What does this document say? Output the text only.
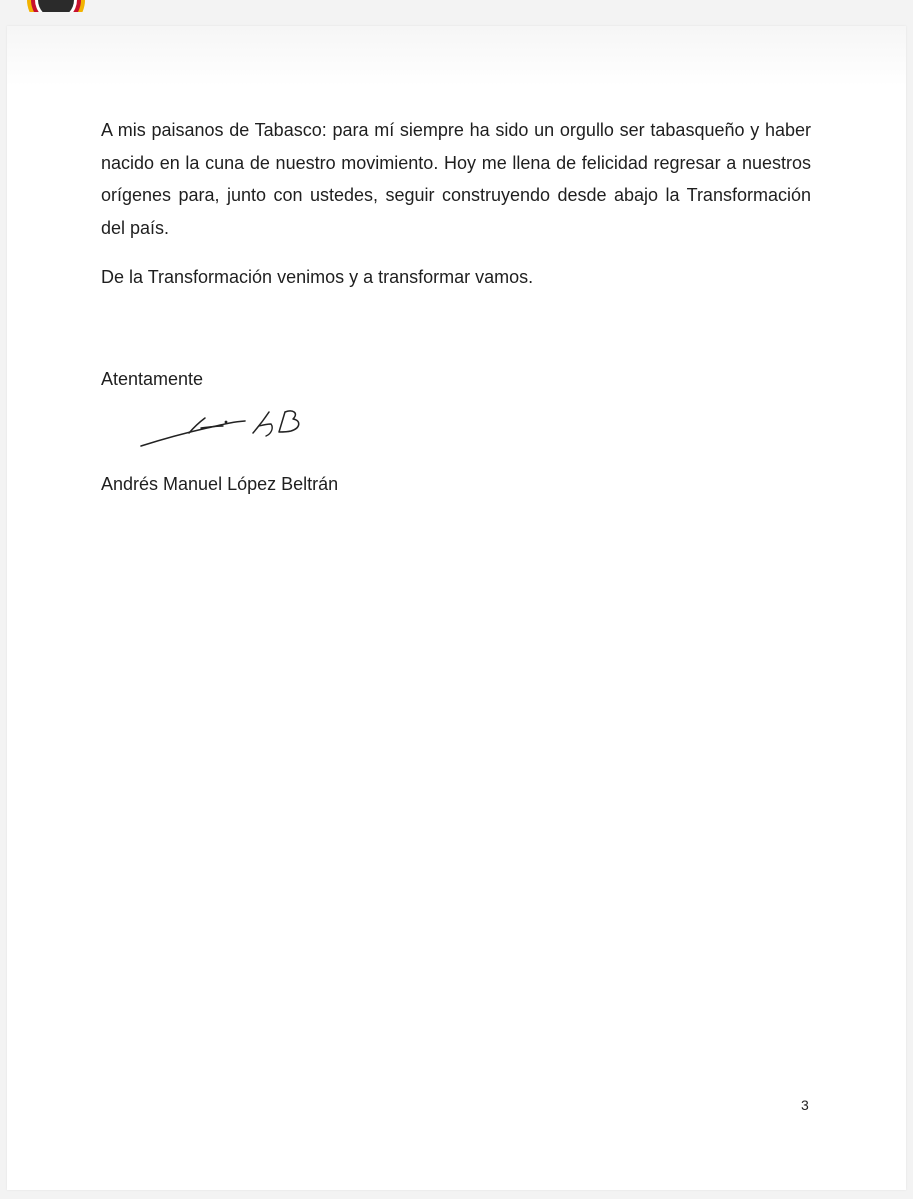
A mis paisanos de Tabasco: para mí siempre ha sido un orgullo ser tabasqueño y haber nacido en la cuna de nuestro movimiento. Hoy me llena de felicidad regresar a nuestros orígenes para, junto con ustedes, seguir construyendo desde abajo la Transformación del país.

De la Transformación venimos y a transformar vamos.

Atentamente

Andrés Manuel López Beltrán

3
